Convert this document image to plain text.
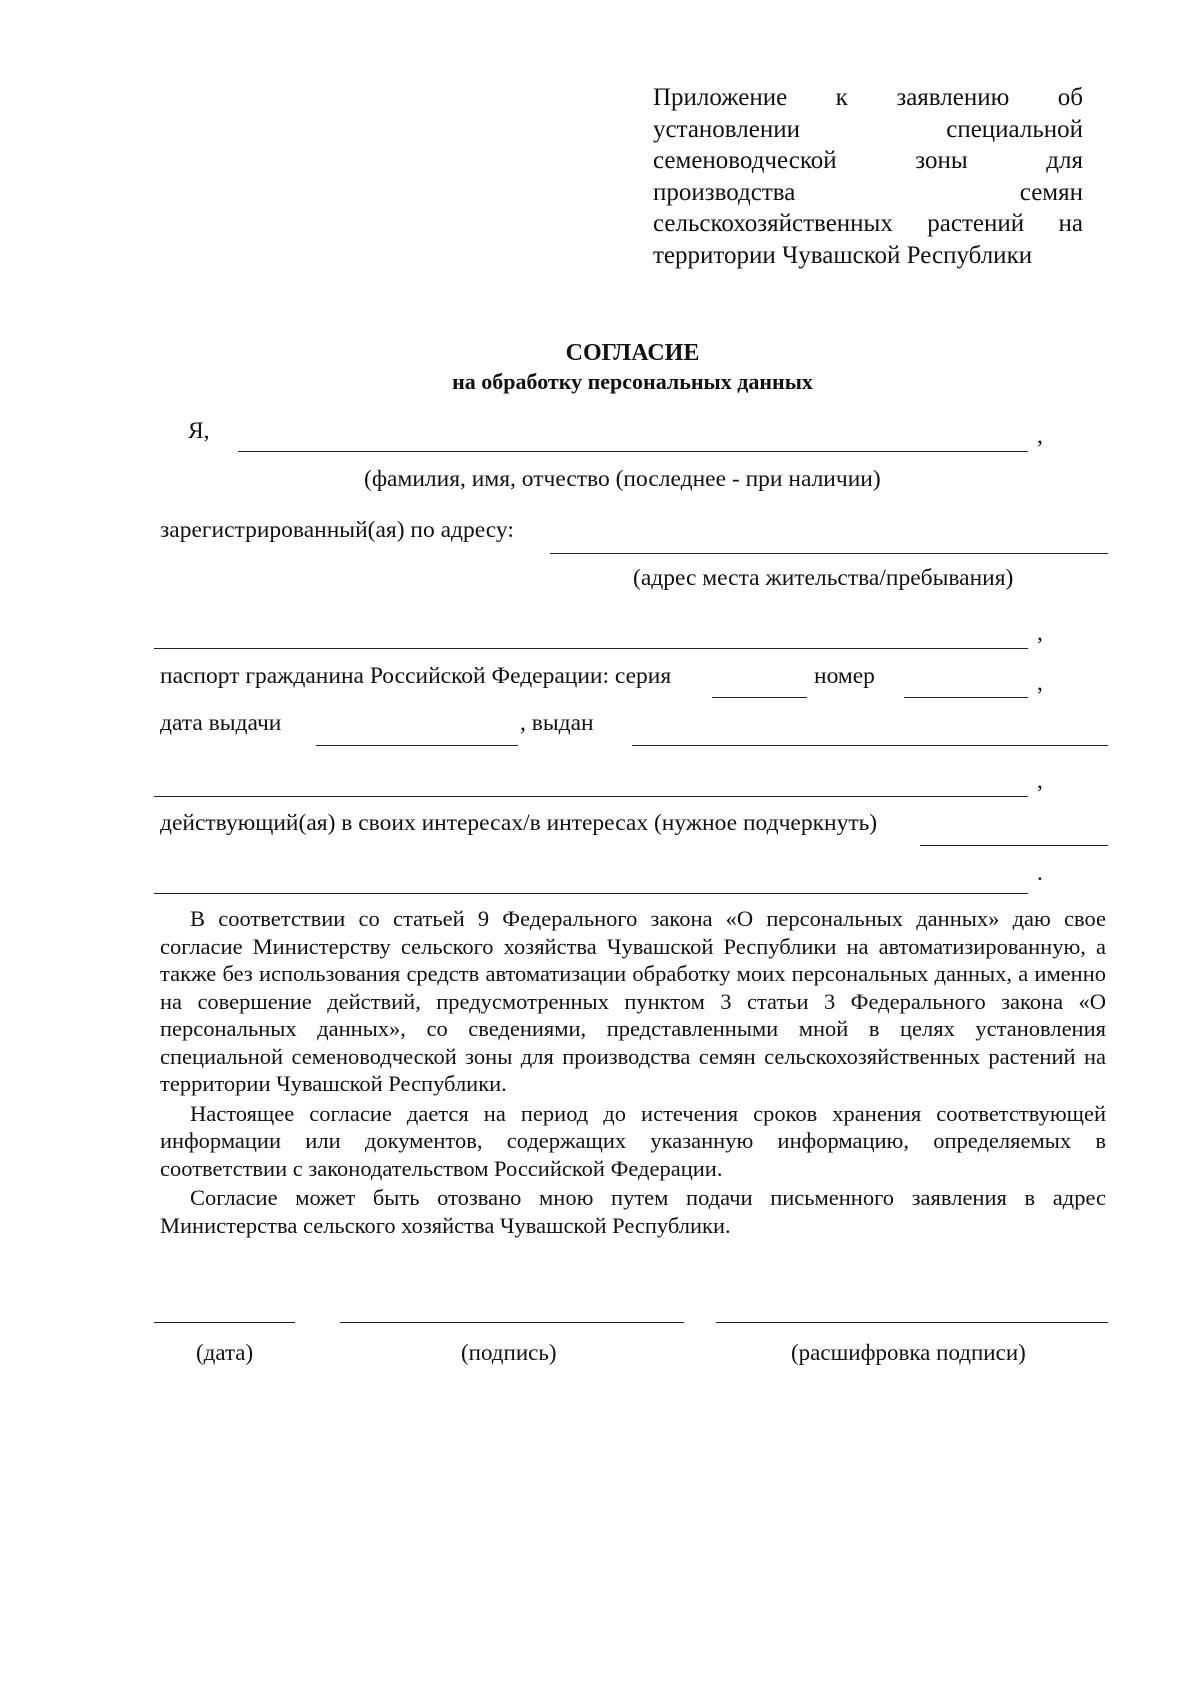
Приложение к заявлению об
установлении специальной
семеноводческой зоны для
производства семян
сельскохозяйственных растений на
территории Чувашской Республики
СОГЛАСИЕ
на обработку персональных данных
Я,	,
(фамилия, имя, отчество (последнее - при наличии)
зарегистрированный(ая) по адресу:
(адрес места жительства/пребывания)
,
паспорт гражданина Российской Федерации: серия	номер	,
дата выдачи	, выдан
,
действующий(ая) в своих интересах/в интересах (нужное подчеркнуть)
.

В соответствии со статьей 9 Федерального закона «О персональных данных» даю свое согласие Министерству сельского хозяйства Чувашской Республики на автоматизированную, а также без использования средств автоматизации обработку моих персональных данных, а именно на совершение действий, предусмотренных пунктом 3 статьи 3 Федерального закона «О персональных данных», со сведениями, представленными мной в целях установления специальной семеноводческой зоны для производства семян сельскохозяйственных растений на территории Чувашской Республики.

Настоящее согласие дается на период до истечения сроков хранения соответствующей информации или документов, содержащих указанную информацию, определяемых в соответствии с законодательством Российской Федерации.

Согласие может быть отозвано мною путем подачи письменного заявления в адрес Министерства сельского хозяйства Чувашской Республики.

(дата)	(подпись)	(расшифровка подписи)
